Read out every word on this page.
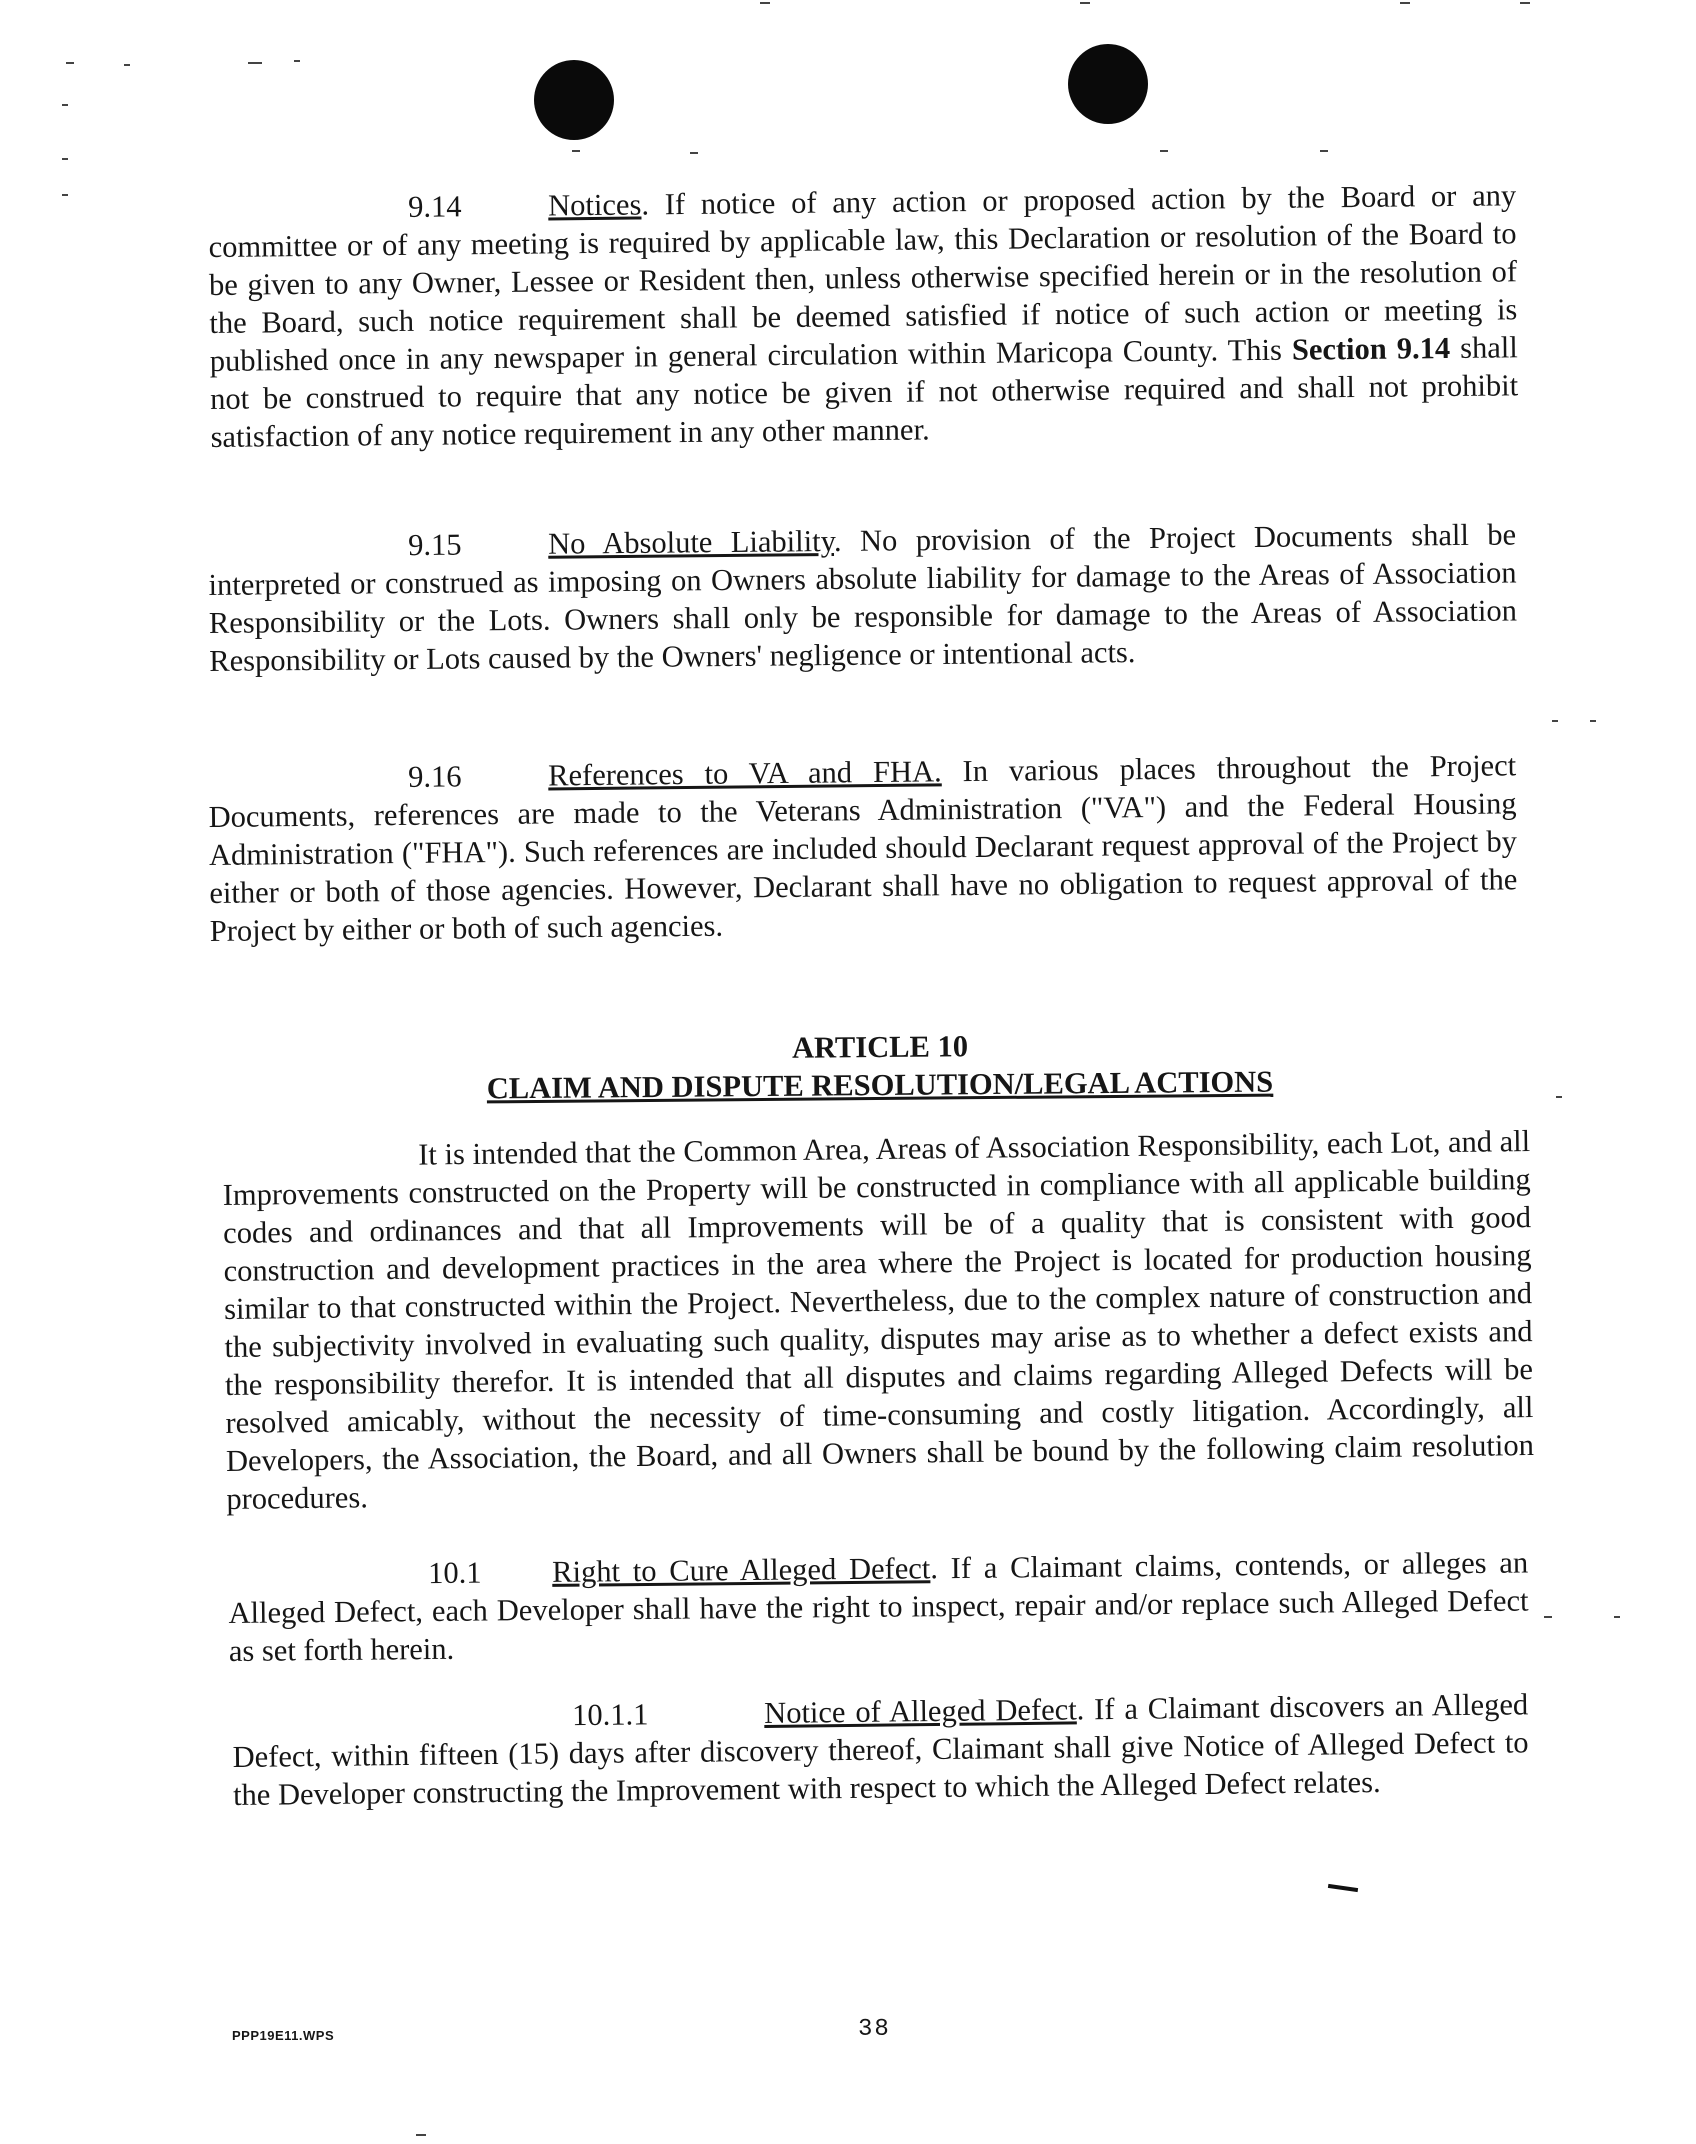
9.14	Notices. If notice of any action or proposed action by the Board or any committee or of any meeting is required by applicable law, this Declaration or resolution of the Board to be given to any Owner, Lessee or Resident then, unless otherwise specified herein or in the resolution of the Board, such notice requirement shall be deemed satisfied if notice of such action or meeting is published once in any newspaper in general circulation within Maricopa County. This Section 9.14 shall not be construed to require that any notice be given if not otherwise required and shall not prohibit satisfaction of any notice requirement in any other manner.

9.15	No Absolute Liability. No provision of the Project Documents shall be interpreted or construed as imposing on Owners absolute liability for damage to the Areas of Association Responsibility or the Lots. Owners shall only be responsible for damage to the Areas of Association Responsibility or Lots caused by the Owners' negligence or intentional acts.

9.16	References to VA and FHA. In various places throughout the Project Documents, references are made to the Veterans Administration ("VA") and the Federal Housing Administration ("FHA"). Such references are included should Declarant request approval of the Project by either or both of those agencies. However, Declarant shall have no obligation to request approval of the Project by either or both of such agencies.

ARTICLE 10
CLAIM AND DISPUTE RESOLUTION/LEGAL ACTIONS

It is intended that the Common Area, Areas of Association Responsibility, each Lot, and all Improvements constructed on the Property will be constructed in compliance with all applicable building codes and ordinances and that all Improvements will be of a quality that is consistent with good construction and development practices in the area where the Project is located for production housing similar to that constructed within the Project. Nevertheless, due to the complex nature of construction and the subjectivity involved in evaluating such quality, disputes may arise as to whether a defect exists and the responsibility therefor. It is intended that all disputes and claims regarding Alleged Defects will be resolved amicably, without the necessity of time-consuming and costly litigation. Accordingly, all Developers, the Association, the Board, and all Owners shall be bound by the following claim resolution procedures.

10.1 Right to Cure Alleged Defect. If a Claimant claims, contends, or alleges an Alleged Defect, each Developer shall have the right to inspect, repair and/or replace such Alleged Defect as set forth herein.

10.1.1	Notice of Alleged Defect. If a Claimant discovers an Alleged Defect, within fifteen (15) days after discovery thereof, Claimant shall give Notice of Alleged Defect to the Developer constructing the Improvement with respect to which the Alleged Defect relates.

PPP19E11.WPS	38
